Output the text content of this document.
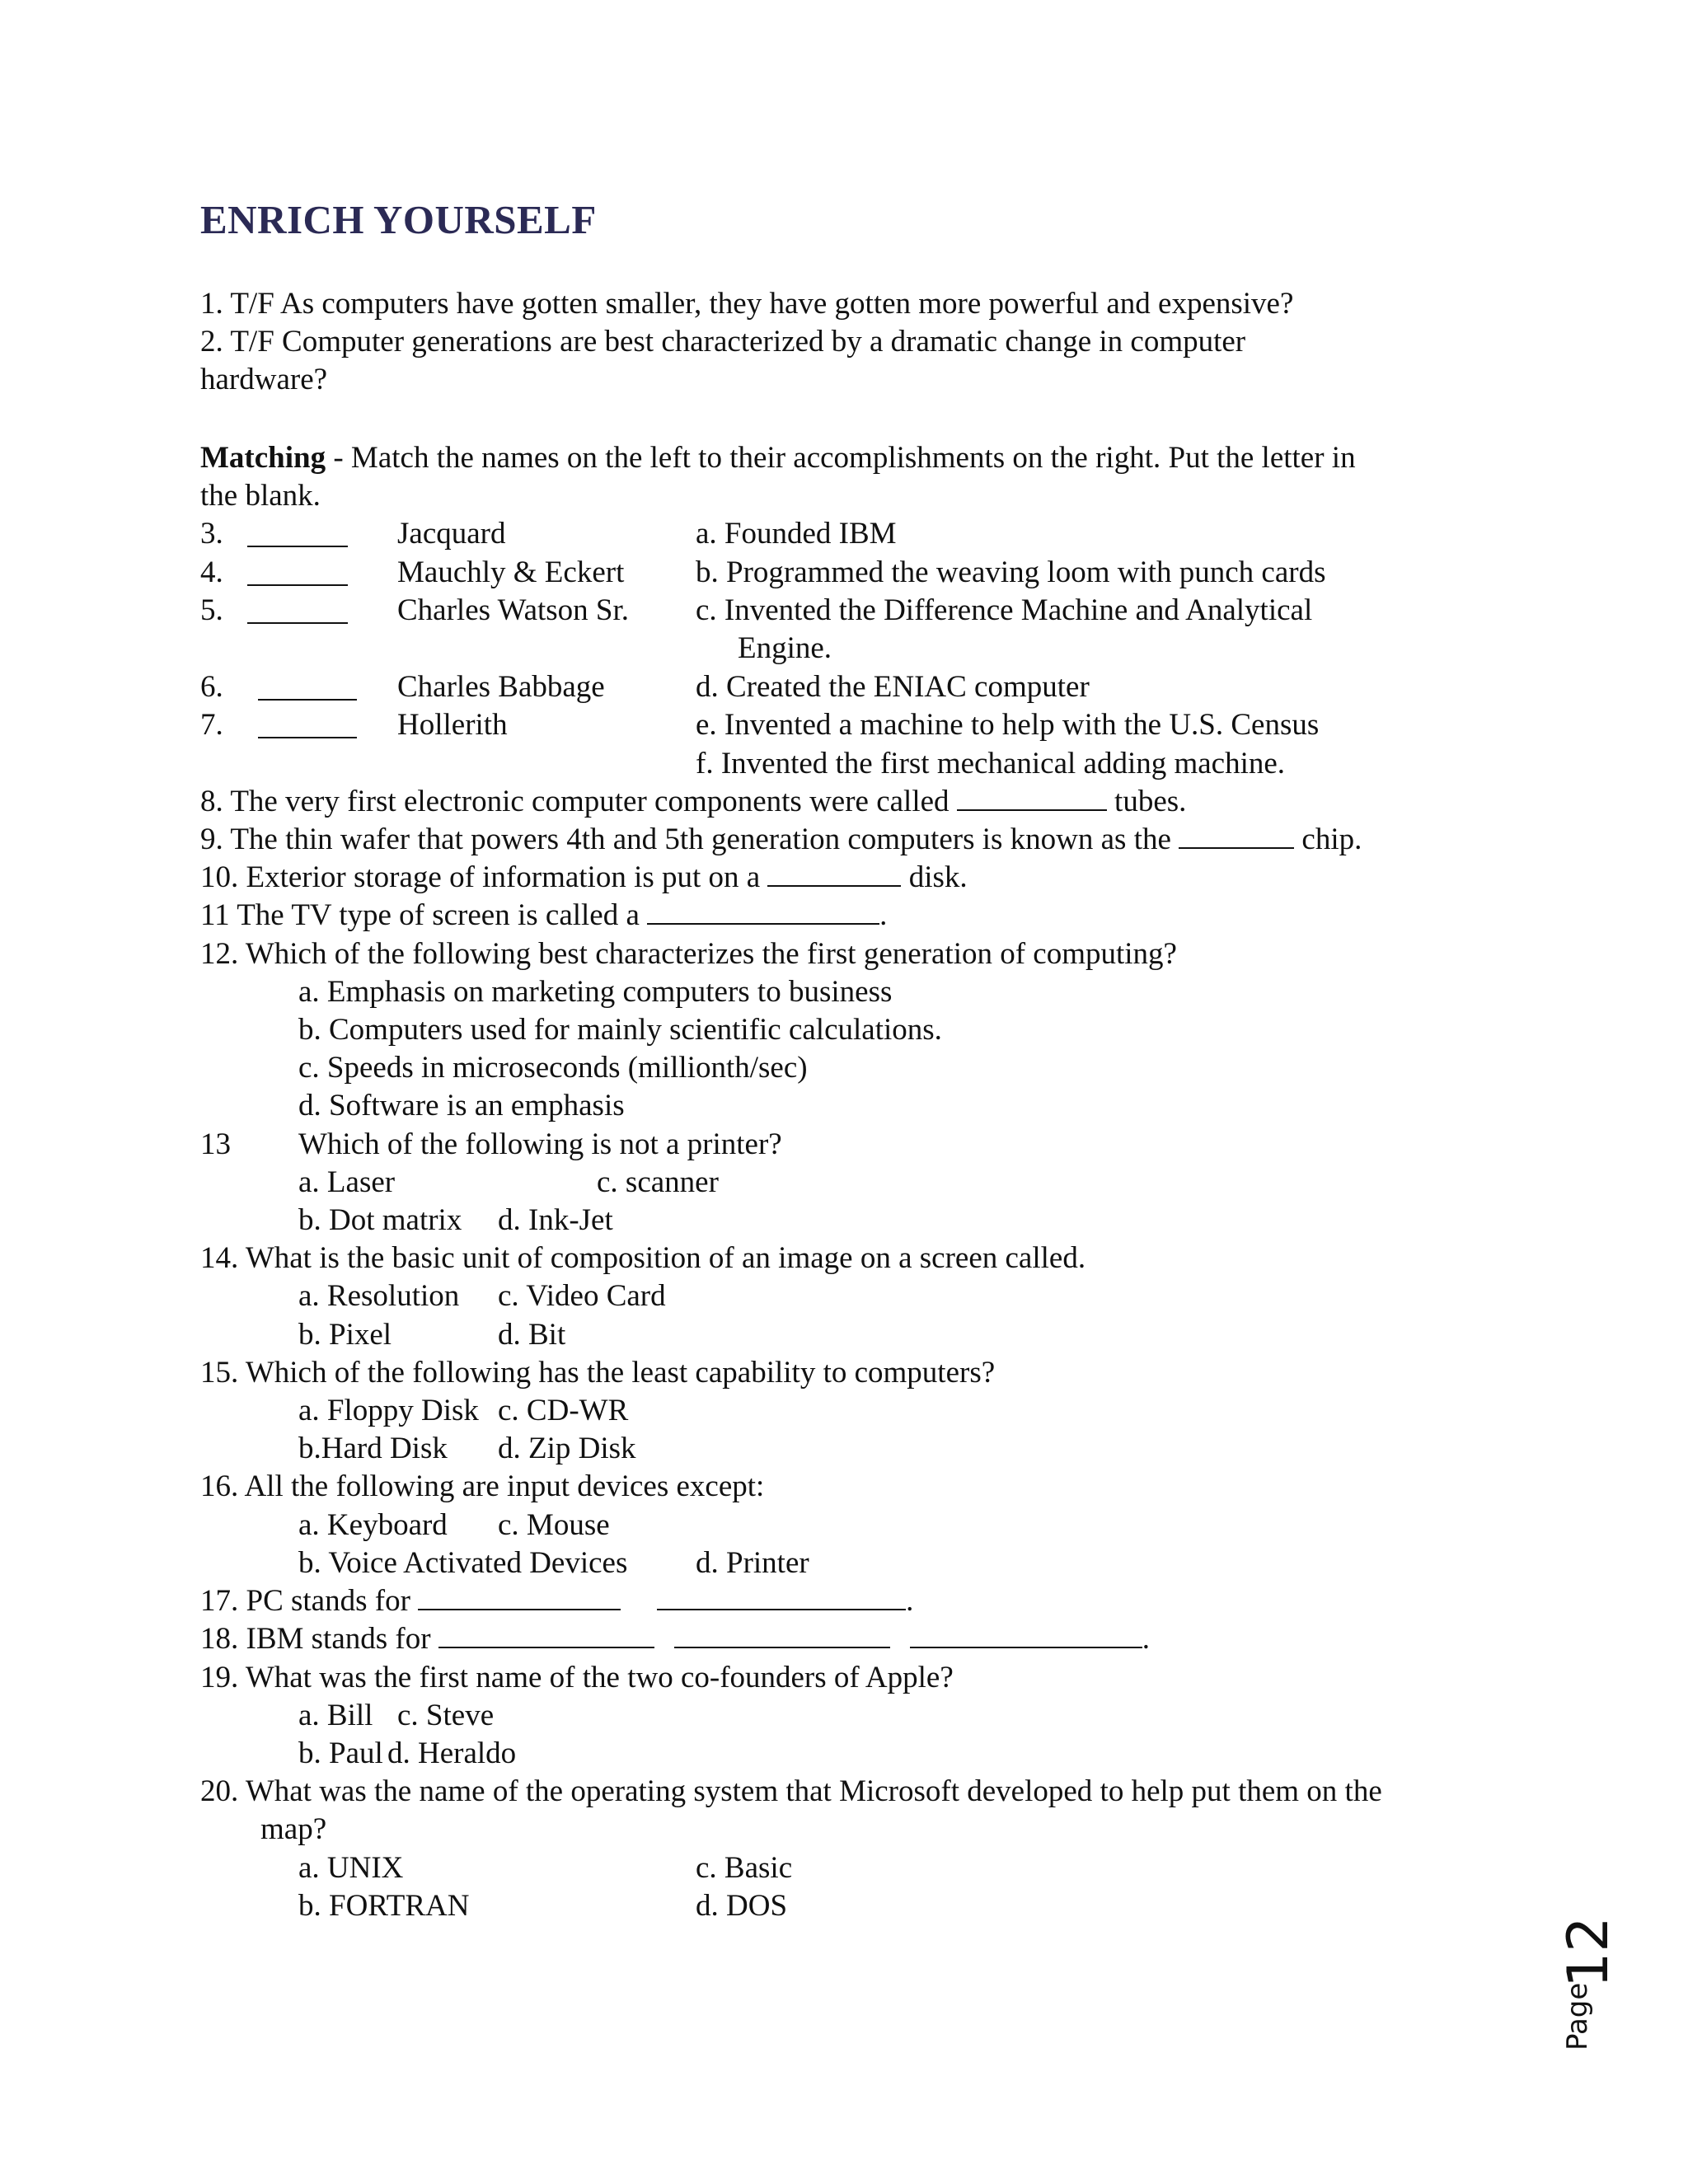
ENRICH YOURSELF
1. T/F As computers have gotten smaller, they have gotten more powerful and expensive?
2. T/F Computer generations are best characterized by a dramatic change in computer
hardware?
Matching - Match the names on the left to their accomplishments on the right. Put the letter in
the blank.
3.	Jacquard	a. Founded IBM
4.	Mauchly & Eckert b. Programmed the weaving loom with punch cards
5.	Charles Watson Sr. c. Invented the Difference Machine and Analytical
Engine.
6.	Charles Babbage	d. Created the ENIAC computer
7.	Hollerith	e. Invented a machine to help with the U.S. Census
f. Invented the first mechanical adding machine.
8. The very first electronic computer components were called	tubes.
9. The thin wafer that powers 4th and 5th generation computers is known as the	chip.
10. Exterior storage of information is put on a	disk.
11 The TV type of screen is called a	.
12. Which of the following best characterizes the first generation of computing?
a. Emphasis on marketing computers to business
b. Computers used for mainly scientific calculations.
c. Speeds in microseconds (millionth/sec)
d. Software is an emphasis
13 Which of the following is not a printer?
a. Laser	c. scanner
b. Dot matrix d. Ink-Jet
14. What is the basic unit of composition of an image on a screen called.
a. Resolution c. Video Card
b. Pixel	d. Bit
15. Which of the following has the least capability to computers?
a. Floppy Disk c. CD-WR
b.Hard Disk d. Zip Disk
16. All the following are input devices except:
a. Keyboard c. Mouse
b. Voice Activated Devices d. Printer
17. PC stands for	.
18. IBM stands for	.
19. What was the first name of the two co-founders of Apple?
a. Bill c. Steve
b. Paul d. Heraldo
20. What was the name of the operating system that Microsoft developed to help put them on the
map?
a. UNIX	c. Basic
b. FORTRAN	d. DOS
Page
12
